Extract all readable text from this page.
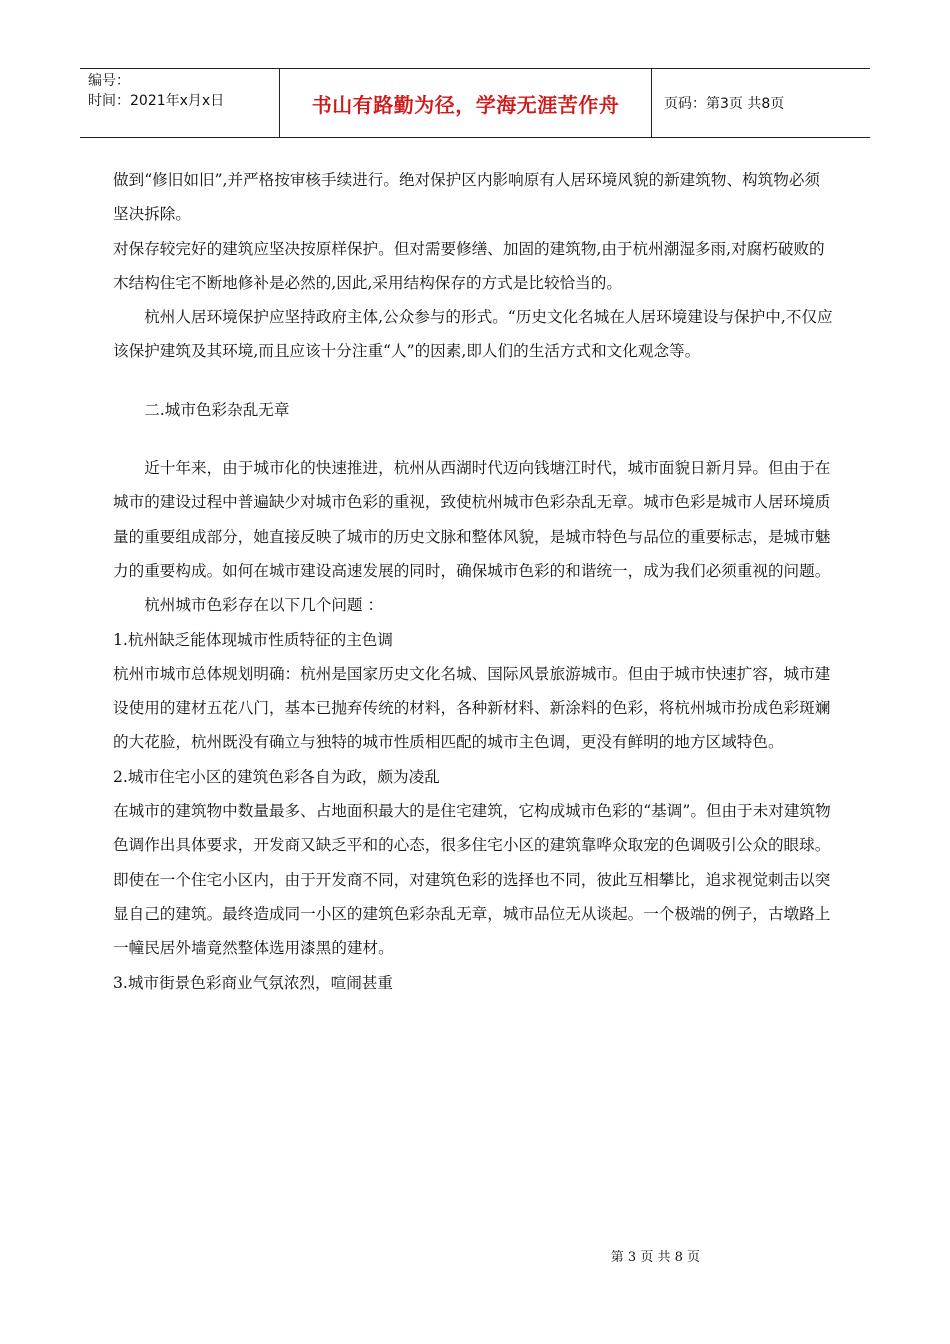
编号：
时间：2021年x月x日	书山有路勤为径，学海无涯苦作舟	页码：第3页 共8页

做到“修旧如旧”,并严格按审核手续进行。绝对保护区内影响原有人居环境风貌的新建筑物、构筑物必须坚决拆除。

对保存较完好的建筑应坚决按原样保护。但对需要修缮、加固的建筑物,由于杭州潮湿多雨,对腐朽破败的木结构住宅不断地修补是必然的,因此,采用结构保存的方式是比较恰当的。

杭州人居环境保护应坚持政府主体,公众参与的形式。“历史文化名城在人居环境建设与保护中,不仅应该保护建筑及其环境,而且应该十分注重“人”的因素,即人们的生活方式和文化观念等。

二.城市色彩杂乱无章

近十年来，由于城市化的快速推进，杭州从西湖时代迈向钱塘江时代，城市面貌日新月异。但由于在城市的建设过程中普遍缺少对城市色彩的重视，致使杭州城市色彩杂乱无章。城市色彩是城市人居环境质量的重要组成部分，她直接反映了城市的历史文脉和整体风貌，是城市特色与品位的重要标志，是城市魅力的重要构成。如何在城市建设高速发展的同时，确保城市色彩的和谐统一，成为我们必须重视的问题。

杭州城市色彩存在以下几个问题 ：

1.杭州缺乏能体现城市性质特征的主色调

杭州市城市总体规划明确：杭州是国家历史文化名城、国际风景旅游城市。但由于城市快速扩容，城市建设使用的建材五花八门，基本已抛弃传统的材料，各种新材料、新涂料的色彩，将杭州城市扮成色彩斑斓的大花脸，杭州既没有确立与独特的城市性质相匹配的城市主色调，更没有鲜明的地方区域特色。

2.城市住宅小区的建筑色彩各自为政，颇为凌乱

在城市的建筑物中数量最多、占地面积最大的是住宅建筑，它构成城市色彩的“基调”。但由于未对建筑物色调作出具体要求，开发商又缺乏平和的心态，很多住宅小区的建筑靠哗众取宠的色调吸引公众的眼球。即使在一个住宅小区内，由于开发商不同，对建筑色彩的选择也不同，彼此互相攀比，追求视觉刺击以突显自己的建筑。最终造成同一小区的建筑色彩杂乱无章，城市品位无从谈起。一个极端的例子，古墩路上一幢民居外墙竟然整体选用漆黑的建材。

3.城市街景色彩商业气氛浓烈，喧闹甚重

第 3 页 共 8 页
